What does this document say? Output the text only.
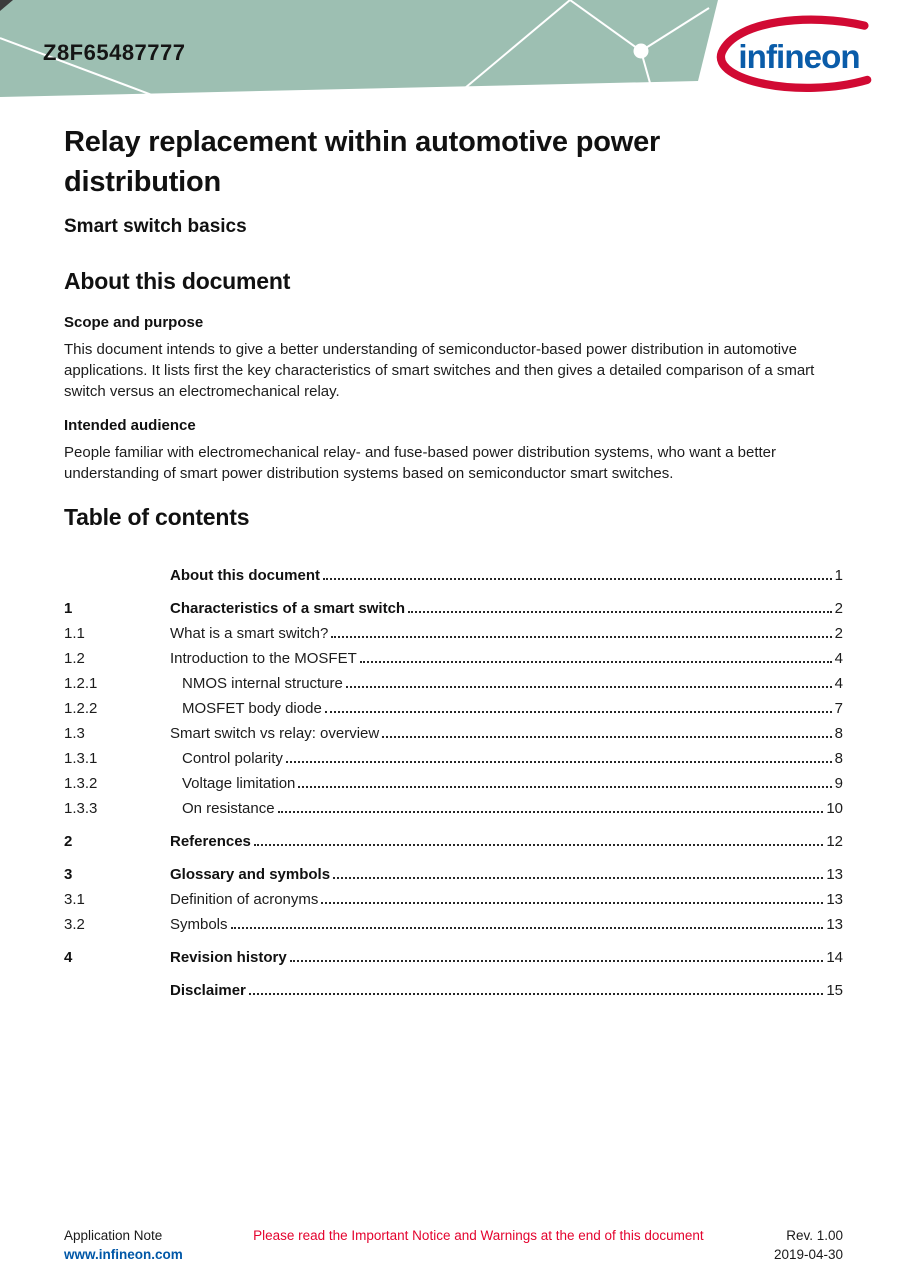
Z8F65487777	infineon
Relay replacement within automotive power distribution
Smart switch basics
About this document
Scope and purpose

This document intends to give a better understanding of semiconductor-based power distribution in automotive applications. It lists first the key characteristics of smart switches and then gives a detailed comparison of a smart switch versus an electromechanical relay.

Intended audience

People familiar with electromechanical relay- and fuse-based power distribution systems, who want a better understanding of smart power distribution systems based on semiconductor smart switches.

Table of contents
About this document	1
1	Characteristics of a smart switch	2
1.1	What is a smart switch?	2
1.2	Introduction to the MOSFET	4
1.2.1	NMOS internal structure	4
1.2.2	MOSFET body diode	7
1.3	Smart switch vs relay: overview	8
1.3.1	Control polarity	8
1.3.2	Voltage limitation	9
1.3.3	On resistance	10
2	References	12
3	Glossary and symbols	13
3.1	Definition of acronyms	13
3.2	Symbols	13
4	Revision history	14
Disclaimer	15
Application Note
www.infineon.com
Please read the Important Notice and Warnings at the end of this document	Rev. 1.00
2019-04-30
